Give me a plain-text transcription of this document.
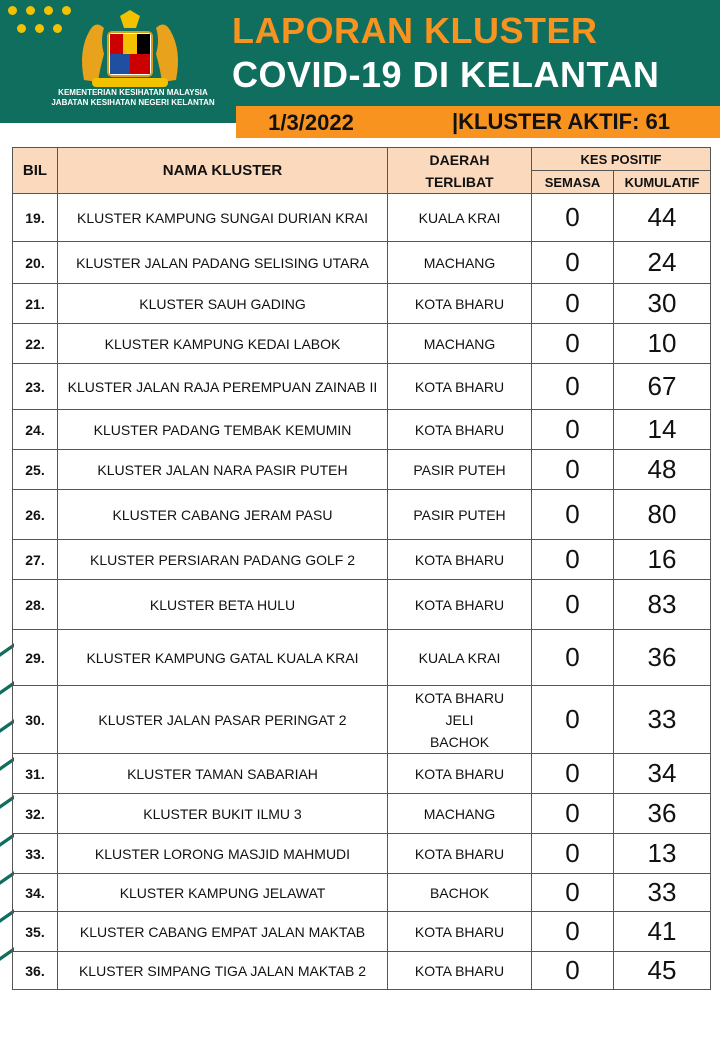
KEMENTERIAN KESIHATAN MALAYSIA
JABATAN KESIHATAN NEGERI KELANTAN
LAPORAN KLUSTER
COVID-19 DI KELANTAN
1/3/2022	|KLUSTER AKTIF: 61
BIL	NAMA KLUSTER	DAERAH
TERLIBAT	KES POSITIF	
			SEMASA	KUMULATIF
19.	KLUSTER KAMPUNG SUNGAI DURIAN KRAI	KUALA KRAI	0	44
20.	KLUSTER JALAN PADANG SELISING UTARA	MACHANG	0	24
21.	KLUSTER SAUH GADING	KOTA BHARU	0	30
22.	KLUSTER KAMPUNG KEDAI LABOK	MACHANG	0	10
23.	KLUSTER JALAN RAJA PEREMPUAN ZAINAB II	KOTA BHARU	0	67
24.	KLUSTER PADANG TEMBAK KEMUMIN	KOTA BHARU	0	14
25.	KLUSTER JALAN NARA PASIR PUTEH	PASIR PUTEH	0	48
26.	KLUSTER CABANG JERAM PASU	PASIR PUTEH	0	80
27.	KLUSTER PERSIARAN PADANG GOLF 2	KOTA BHARU	0	16
28.	KLUSTER BETA HULU	KOTA BHARU	0	83
29.	KLUSTER KAMPUNG GATAL KUALA KRAI	KUALA KRAI	0	36
30.	KLUSTER JALAN PASAR PERINGAT 2	KOTA BHARU
JELI
BACHOK	0	33
31.	KLUSTER TAMAN SABARIAH	KOTA BHARU	0	34
32.	KLUSTER BUKIT ILMU 3	MACHANG	0	36
33.	KLUSTER LORONG MASJID MAHMUDI	KOTA BHARU	0	13
34.	KLUSTER KAMPUNG JELAWAT	BACHOK	0	33
35.	KLUSTER CABANG EMPAT JALAN MAKTAB	KOTA BHARU	0	41
36.	KLUSTER SIMPANG TIGA JALAN MAKTAB 2	KOTA BHARU	0	45
